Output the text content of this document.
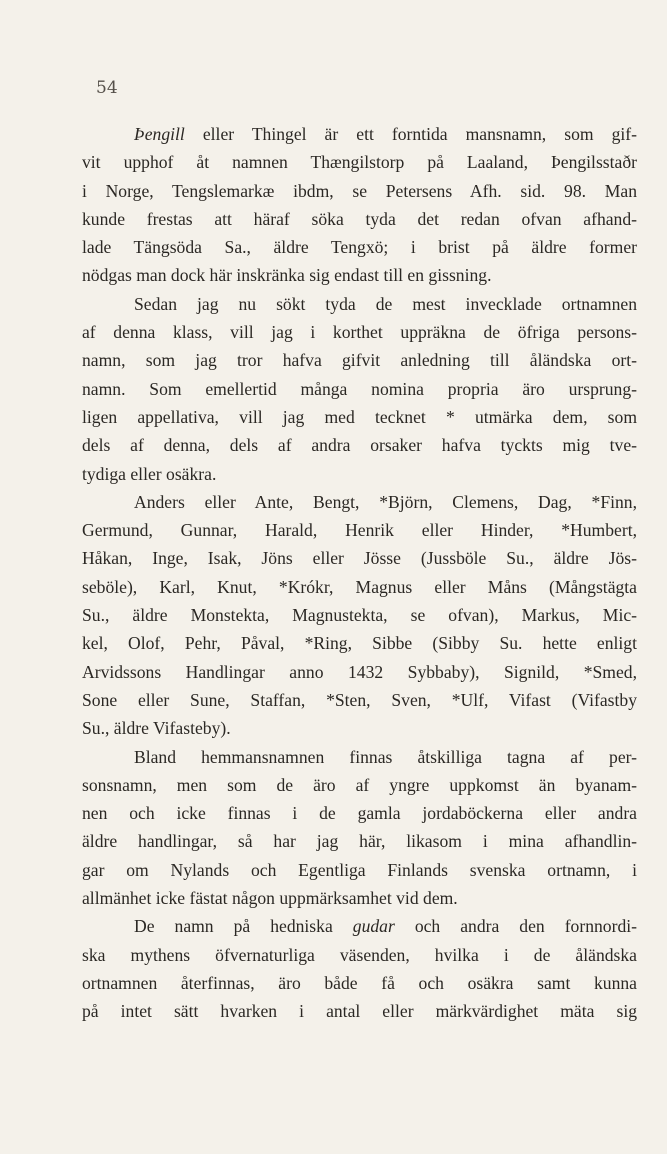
54
Þengill eller Thingel är ett forntida mansnamn, som gif-
vit upphof åt namnen Thængilstorp på Laaland, Þengilsstaðr
i Norge, Tengslemarkæ ibdm, se Petersens Afh. sid. 98. Man
kunde frestas att häraf söka tyda det redan ofvan afhand-
lade Tängsöda Sa., äldre Tengxö; i brist på äldre former
nödgas man dock här inskränka sig endast till en gissning.
Sedan jag nu sökt tyda de mest invecklade ortnamnen
af denna klass, vill jag i korthet uppräkna de öfriga persons-
namn, som jag tror hafva gifvit anledning till åländska ort-
namn. Som emellertid många nomina propria äro ursprung-
ligen appellativa, vill jag med tecknet * utmärka dem, som
dels af denna, dels af andra orsaker hafva tyckts mig tve-
tydiga eller osäkra.
Anders eller Ante, Bengt, *Björn, Clemens, Dag, *Finn,
Germund, Gunnar, Harald, Henrik eller Hinder, *Humbert,
Håkan, Inge, Isak, Jöns eller Jösse (Jussböle Su., äldre Jös-
seböle), Karl, Knut, *Krókr, Magnus eller Måns (Mångstägta
Su., äldre Monstekta, Magnustekta, se ofvan), Markus, Mic-
kel, Olof, Pehr, Påval, *Ring, Sibbe (Sibby Su. hette enligt
Arvidssons Handlingar anno 1432 Sybbaby), Signild, *Smed,
Sone eller Sune, Staffan, *Sten, Sven, *Ulf, Vifast (Vifastby
Su., äldre Vifasteby).
Bland hemmansnamnen finnas åtskilliga tagna af per-
sonsnamn, men som de äro af yngre uppkomst än byanam-
nen och icke finnas i de gamla jordaböckerna eller andra
äldre handlingar, så har jag här, likasom i mina afhandlin-
gar om Nylands och Egentliga Finlands svenska ortnamn, i
allmänhet icke fästat någon uppmärksamhet vid dem.
De namn på hedniska gudar och andra den fornnordi-
ska mythens öfvernaturliga väsenden, hvilka i de åländska
ortnamnen återfinnas, äro både få och osäkra samt kunna
på intet sätt hvarken i antal eller märkvärdighet mäta sig
